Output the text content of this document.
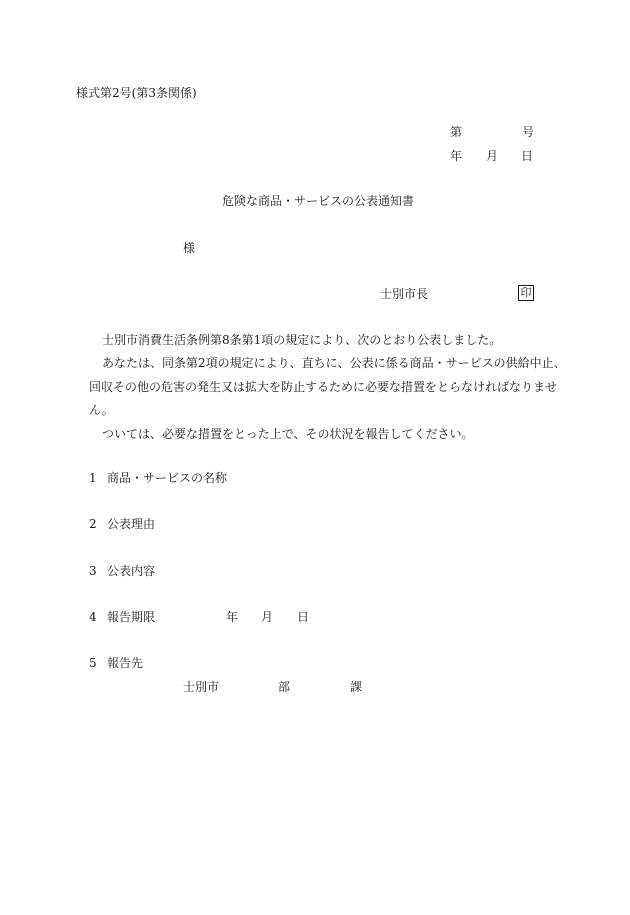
様式第2号(第3条関係)
第	号
年 月 日
危険な商品・サービスの公表通知書
様
士別市長	印
士別市消費生活条例第8条第1項の規定により、次のとおり公表しました。
あなたは、同条第2項の規定により、直ちに、公表に係る商品・サービスの供給中止、
回収その他の危害の発生又は拡大を防止するために必要な措置をとらなければなりませ
ん。
ついては、必要な措置をとった上で、その状況を報告してください。
1 商品・サービスの名称
2 公表理由
3 公表内容
4 報告期限	年 月 日
5 報告先
士別市	部	課
